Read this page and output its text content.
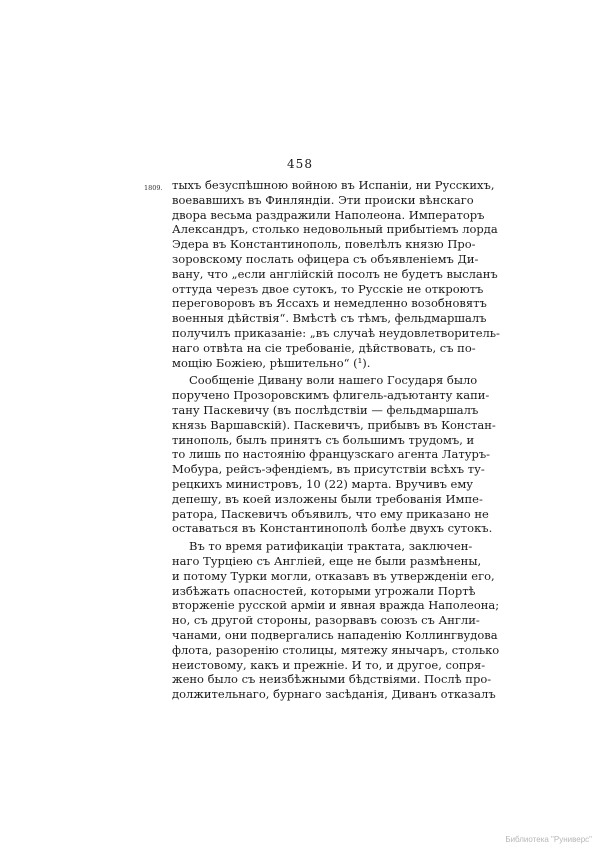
458
1809. тыхъ безуспѣшною войною въ Испаніи, ни Русскихъ,
воевавшихъ въ Финляндіи. Эти происки вѣнскаго
двора весьма раздражили Наполеона. Императоръ
Александръ, столько недовольный прибытіемъ лорда
Эдера въ Константинополь, повелѣлъ князю Про-
зоровскому послать офицера съ объявленіемъ Ди-
вану, что „если англійскій посолъ не будетъ высланъ
оттуда черезъ двое сутокъ, то Русскіе не откроютъ
переговоровъ въ Яссахъ и немедленно возобновятъ
военныя дѣйствія“. Вмѣстѣ съ тѣмъ, фельдмаршалъ
получилъ приказаніе: „въ случаѣ неудовлетворитель-
наго отвѣта на сіе требованіе, дѣйствовать, съ по-
мощію Божіею, рѣшительно“ (¹).
Сообщеніе Дивану воли нашего Государя было
поручено Прозоровскимъ флигель-адъютанту капи-
тану Паскевичу (въ послѣдствіи — фельдмаршалъ
князь Варшавскій). Паскевичъ, прибывъ въ Констан-
тинополь, былъ принятъ съ большимъ трудомъ, и
то лишь по настоянію французскаго агента Латуръ-
Мобура, рейсъ-эфендіемъ, въ присутствіи всѣхъ ту-
рецкихъ министровъ, 10 (22) марта. Вручивъ ему
депешу, въ коей изложены были требованія Импе-
ратора, Паскевичъ объявилъ, что ему приказано не
оставаться въ Константинополѣ болѣе двухъ сутокъ.
Въ то время ратификаціи трактата, заключен-
наго Турціею съ Англіей, еще не были размѣнены,
и потому Турки могли, отказавъ въ утвержденіи его,
избѣжать опасностей, которыми угрожали Портѣ
вторженіе русской арміи и явная вражда Наполеона;
но, съ другой стороны, разорвавъ союзъ съ Англи-
чанами, они подвергались нападенію Коллингвудова
флота, разоренію столицы, мятежу янычаръ, столько
неистовому, какъ и прежніе. И то, и другое, сопря-
жено было съ неизбѣжными бѣдствіями. Послѣ про-
должительнаго, бурнаго засѣданія, Диванъ отказалъ
Библиотека "Руниверс"
